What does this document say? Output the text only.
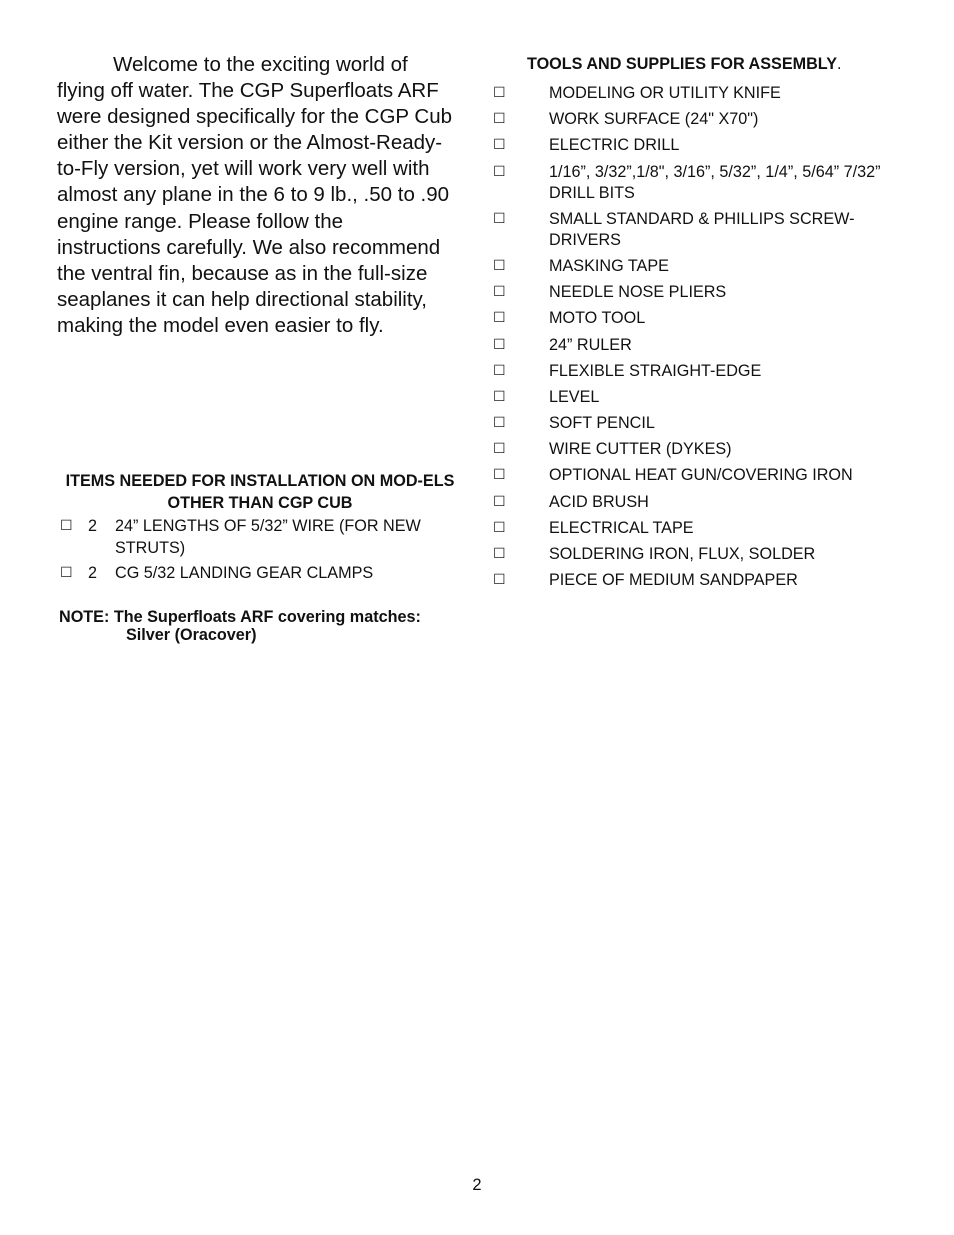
Welcome to the exciting world of flying off water. The CGP Superfloats ARF were designed specifically for the CGP Cub either the Kit version or the Almost-Ready-to-Fly version, yet will work very well with almost any plane in the 6 to 9 lb., .50 to .90 engine range. Please follow the instructions carefully. We also recommend the ventral fin, because as in the full-size seaplanes it can help directional stability, making the model even easier to fly.

ITEMS NEEDED FOR INSTALLATION ON MOD-ELS OTHER THAN CGP CUB

☐ 2 24” LENGTHS OF 5/32” WIRE (FOR NEW STRUTS)
☐ 2 CG 5/32 LANDING GEAR CLAMPS

NOTE: The Superfloats ARF covering matches:
Silver (Oracover)

TOOLS AND SUPPLIES FOR ASSEMBLY.

☐	MODELING OR UTILITY KNIFE
☐	WORK SURFACE (24" X70")
☐	ELECTRIC DRILL
☐	1/16”, 3/32”,1/8", 3/16”, 5/32”, 1/4”, 5/64” 7/32” DRILL BITS
☐	SMALL STANDARD & PHILLIPS SCREW-DRIVERS
☐	MASKING TAPE
☐	NEEDLE NOSE PLIERS
☐	MOTO TOOL
☐	24” RULER
☐	FLEXIBLE STRAIGHT-EDGE
☐	LEVEL
☐	SOFT PENCIL
☐	WIRE CUTTER (DYKES)
☐	OPTIONAL HEAT GUN/COVERING IRON
☐	ACID BRUSH
☐	ELECTRICAL TAPE
☐	SOLDERING IRON, FLUX, SOLDER
☐	PIECE OF MEDIUM SANDPAPER

2
